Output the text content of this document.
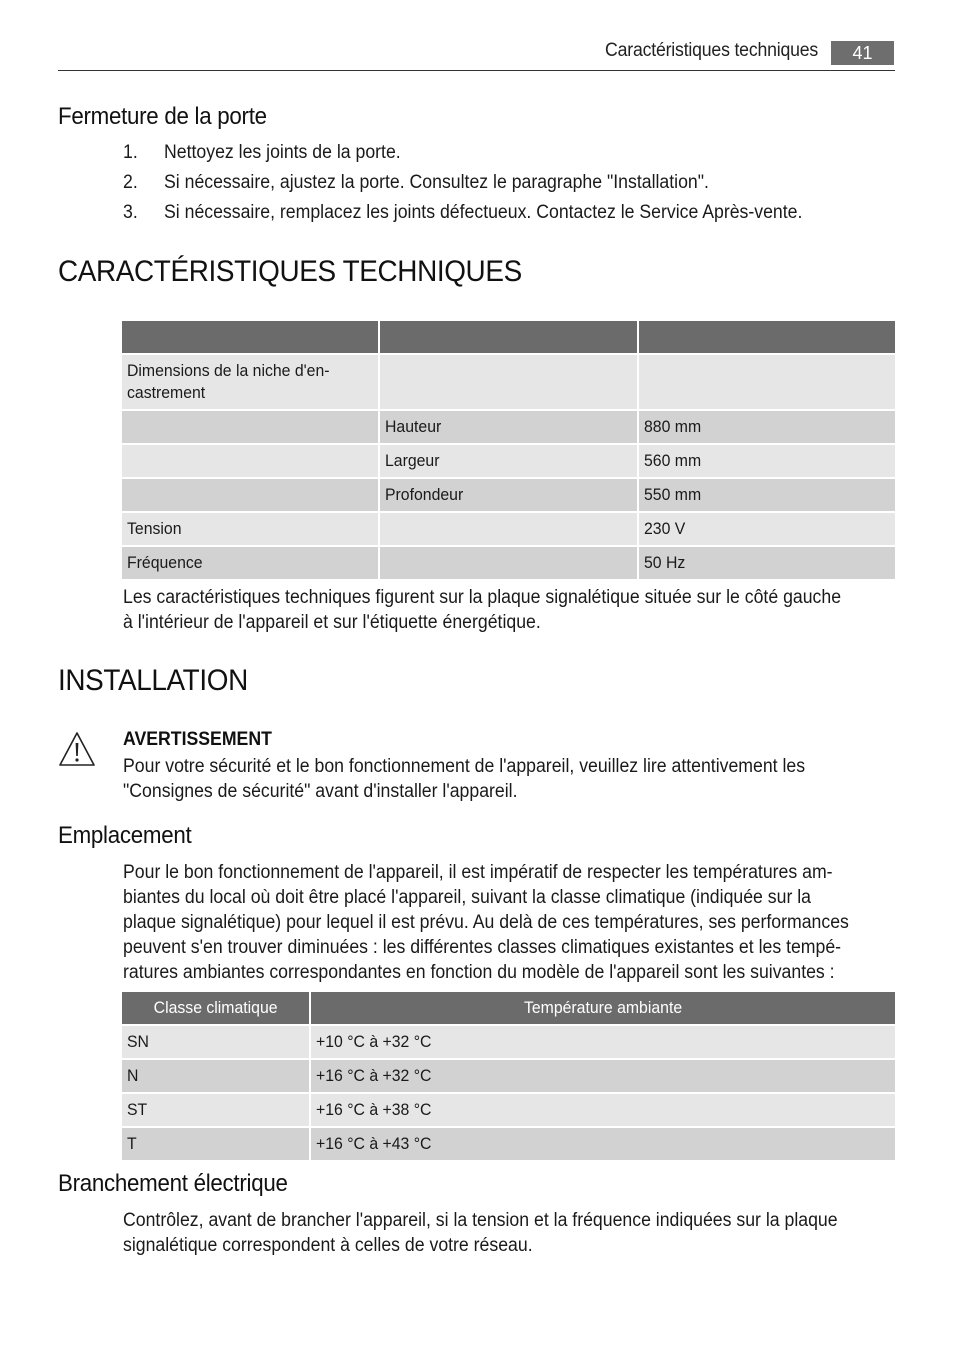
Caractéristiques techniques	41
Fermeture de la porte
1. Nettoyez les joints de la porte.
2. Si nécessaire, ajustez la porte. Consultez le paragraphe "Installation".
3. Si nécessaire, remplacez les joints défectueux. Contactez le Service Après-vente.
CARACTÉRISTIQUES TECHNIQUES

Dimensions de la niche d'en-
castrement		

	Hauteur	880 mm
	Largeur	560 mm
	Profondeur	550 mm
Tension		230 V
Fréquence		50 Hz
Les caractéristiques techniques figurent sur la plaque signalétique située sur le côté gauche
à l'intérieur de l'appareil et sur l'étiquette énergétique.
INSTALLATION
AVERTISSEMENT
Pour votre sécurité et le bon fonctionnement de l'appareil, veuillez lire attentivement les
"Consignes de sécurité" avant d'installer l'appareil.
Emplacement
Pour le bon fonctionnement de l'appareil, il est impératif de respecter les températures am-
biantes du local où doit être placé l'appareil, suivant la classe climatique (indiquée sur la
plaque signalétique) pour lequel il est prévu. Au delà de ces températures, ses performances
peuvent s'en trouver diminuées : les différentes classes climatiques existantes et les tempé-
ratures ambiantes correspondantes en fonction du modèle de l'appareil sont les suivantes :
Classe climatique	Température ambiante
SN	+10 °C à +32 °C
N	+16 °C à +32 °C
ST	+16 °C à +38 °C
T	+16 °C à +43 °C
Branchement électrique
Contrôlez, avant de brancher l'appareil, si la tension et la fréquence indiquées sur la plaque
signalétique correspondent à celles de votre réseau.
